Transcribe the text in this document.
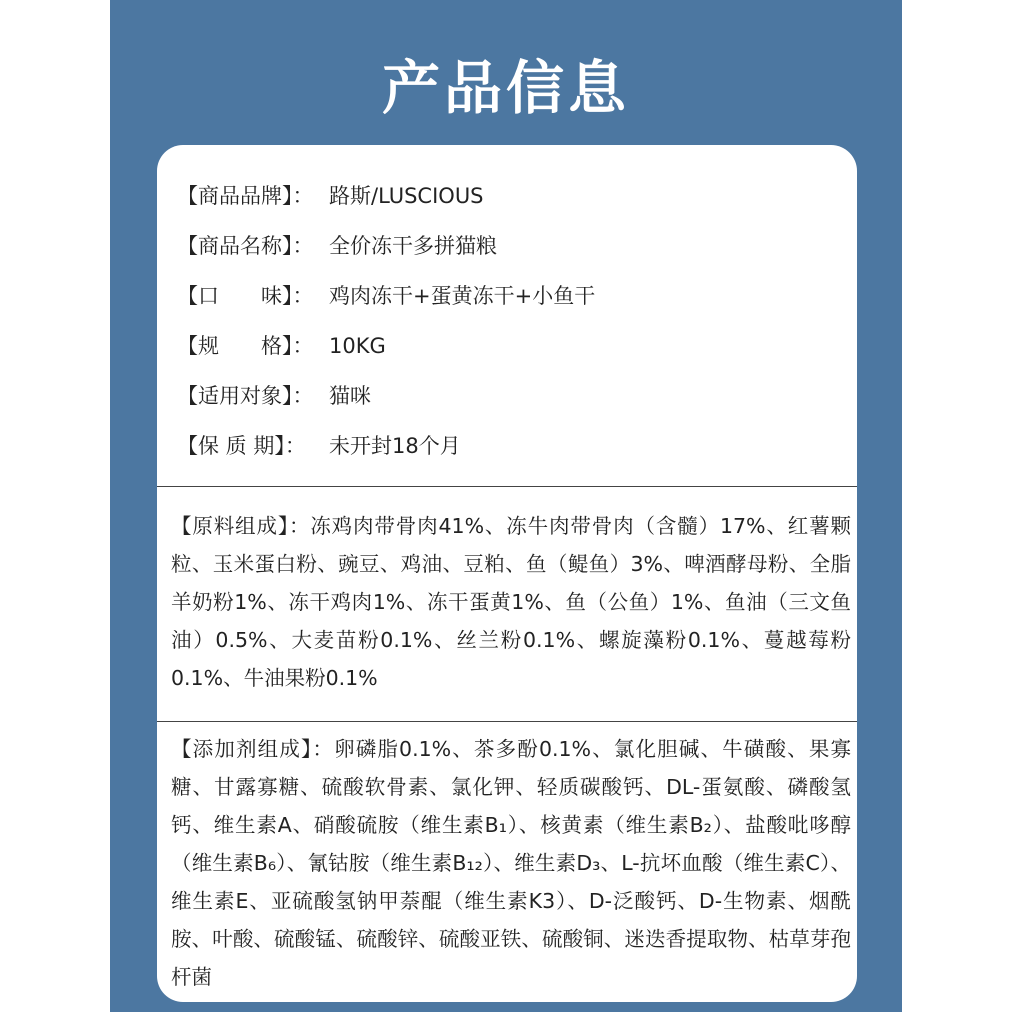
产品信息
【商品品牌】： 路斯/LUSCIOUS
【商品名称】： 全价冻干多拼猫粮
【口　　味】： 鸡肉冻干+蛋黄冻干+小鱼干
【规　　格】： 10KG
【适用对象】： 猫咪
【保 质 期】：	未开封18个月
【原料组成】：冻鸡肉带骨肉41%、冻牛肉带骨肉（含髓）17%、红薯颗粒、玉米蛋白粉、豌豆、鸡油、豆粕、鱼（鳀鱼）3%、啤酒酵母粉、全脂羊奶粉1%、冻干鸡肉1%、冻干蛋黄1%、鱼（公鱼）1%、鱼油（三文鱼油）0.5%、大麦苗粉0.1%、丝兰粉0.1%、螺旋藻粉0.1%、蔓越莓粉0.1%、牛油果粉0.1%
【添加剂组成】：卵磷脂0.1%、茶多酚0.1%、氯化胆碱、牛磺酸、果寡糖、甘露寡糖、硫酸软骨素、氯化钾、轻质碳酸钙、DL-蛋氨酸、磷酸氢钙、维生素A、硝酸硫胺（维生素B₁）、核黄素（维生素B₂）、盐酸吡哆醇（维生素B₆）、氰钴胺（维生素B₁₂）、维生素D₃、L-抗坏血酸（维生素C）、维生素E、亚硫酸氢钠甲萘醌（维生素K3）、D-泛酸钙、D-生物素、烟酰胺、叶酸、硫酸锰、硫酸锌、硫酸亚铁、硫酸铜、迷迭香提取物、枯草芽孢杆菌
